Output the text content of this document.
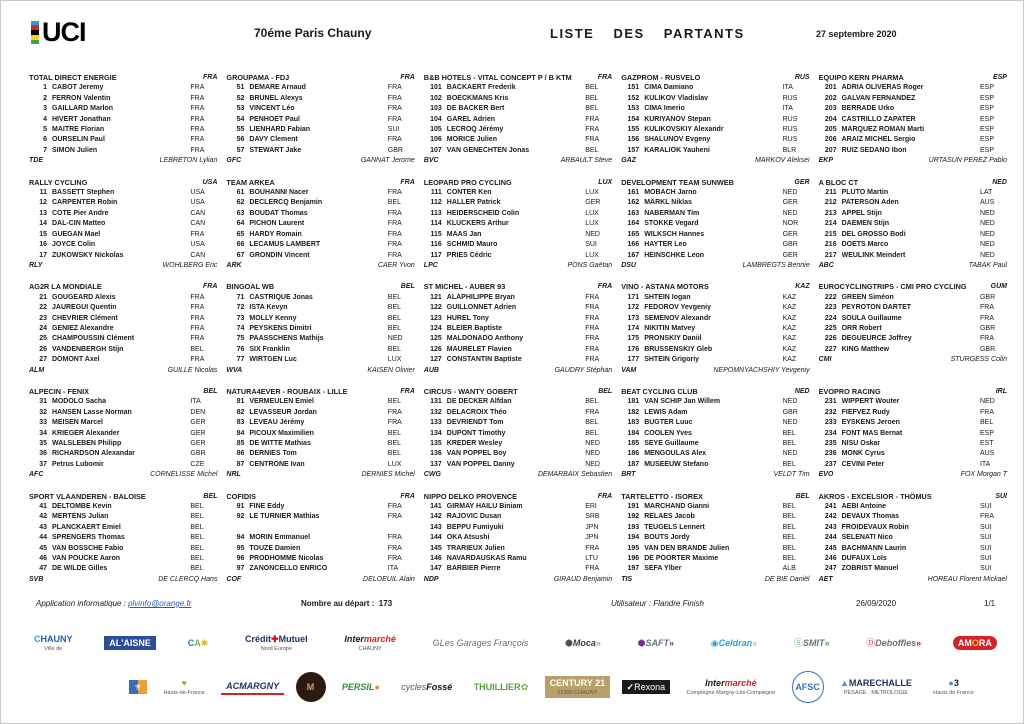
UCI	70éme Paris Chauny	LISTE DES PARTANTS	27 septembre 2020
TOTAL DIRECT ENERGIE	FRA
1 CABOT Jeremy	FRA
2 FERRON Valentin	FRA
3 GAILLARD Marlon	FRA
4 HIVERT Jonathan	FRA
5 MAITRE Florian	FRA
6 OURSELIN Paul	FRA
7 SIMON Julien	FRA
TDE	LEBRETON Lylian
GROUPAMA - FDJ	FRA
51 DEMARE Arnaud	FRA
52 BRUNEL Alexys	FRA
53 VINCENT Léo	FRA
54 PENHOET Paul	FRA
55 LIENHARD Fabian	SUI
56 DAVY Clement	FRA
57 STEWART Jake	GBR
GFC	GANNAT Jerome
B&B HOTELS - VITAL CONCEPT P / B KTM	FRA
101 BACKAERT Frederik	BEL
102 BOECKMANS Kris	BEL
103 DE BACKER Bert	BEL
104 GAREL Adrien	FRA
105 LECROQ Jérémy	FRA
106 MORICE Julien	FRA
107 VAN GENECHTEN Jonas	BEL
BVC	ARBAULT Steve
GAZPROM - RUSVELO	RUS
151 CIMA Damiano	ITA
152 KULIKOV Vladislav	RUS
153 CIMA Imerio	ITA
154 KURIYANOV Stepan	RUS
155 KULIKOVSKIY Alexandr	RUS
156 SHALUNOV Evgeny	RUS
157 KARALIOK Yauheni	BLR
GAZ	MARKOV Aleksei
EQUIPO KERN PHARMA	ESP
201 ADRIA OLIVERAS Roger	ESP
202 GALVAN FERNANDEZ	ESP
203 BERRADE Urko	ESP
204 CASTRILLO ZAPATER	ESP
205 MARQUEZ ROMAN Marti	ESP
206 ARAIZ MICHEL Sergio	ESP
207 RUIZ SEDANO Ibon	ESP
EKP	URTASUN PEREZ Pablo
RALLY CYCLING	USA
11 BASSETT Stephen	USA
12 CARPENTER Robin	USA
13 COTE Pier Andre	CAN
14 DAL-CIN Matteo	CAN
15 GUEGAN Mael	FRA
16 JOYCE Colin	USA
17 ZUKOWSKY Nickolas	CAN
RLY	WOHLBERG Eric
TEAM ARKEA	FRA
61 BOUHANNI Nacer	FRA
62 DECLERCQ Benjamin	BEL
63 BOUDAT Thomas	FRA
64 PICHON Laurent	FRA
65 HARDY Romain	FRA
66 LECAMUS LAMBERT	FRA
67 GRONDIN Vincent	FRA
ARK	CAER Yvon
LEOPARD PRO CYCLING	LUX
111 CONTER Ken	LUX
112 HALLER Patrick	GER
113 HEIDERSCHEID Colin	LUX
114 KLUCKERS Arthur	LUX
115 MAAS Jan	NED
116 SCHMID Mauro	SUI
117 PRIES Cédric	LUX
LPC	PONS Gaëtan
DEVELOPMENT TEAM SUNWEB	GER
161 MOBACH Jarno	NED
162 MÄRKL Niklas	GER
163 NABERMAN Tim	NED
164 STOKKE Vegard	NOR
165 WILKSCH Hannes	GER
166 HAYTER Leo	GBR
167 HEINSCHKE Leon	GER
DSU	LAMBREGTS Bennie
A BLOC CT	NED
211 PLUTO Martin	LAT
212 PATERSON Aden	AUS
213 APPEL Stijn	NED
214 DAEMEN Stijn	NED
215 DEL GROSSO Bodi	NED
216 DOETS Marco	NED
217 WEULINK Meindert	NED
ABC	TABAK Paul
AG2R LA MONDIALE	FRA
21 GOUGEARD Alexis	FRA
22 JAUREGUI Quentin	FRA
23 CHEVRIER Clément	FRA
24 GENIEZ Alexandre	FRA
25 CHAMPOUSSIN Clément	FRA
26 VANDENBERGH Stijn	BEL
27 DOMONT Axel	FRA
ALM	GUILLE Nicolas
BINGOAL WB	BEL
71 CASTRIQUE Jonas	BEL
72 ISTA Kevyn	BEL
73 MOLLY Kenny	BEL
74 PEYSKENS Dimitri	BEL
75 PAASSCHENS Mathijs	NED
76 SIX Franklin	BEL
77 WIRTGEN Luc	LUX
WVA	KAISEN Olivier
ST MICHEL - AUBER 93	FRA
121 ALAPHILIPPE Bryan	FRA
122 GUILLONNET Adrien	FRA
123 HUREL Tony	FRA
124 BLEIER Baptiste	FRA
125 MALDONADO Anthony	FRA
126 MAURELET Flavien	FRA
127 CONSTANTIN Baptiste	FRA
AUB	GAUDRY Stéphan
VINO - ASTANA MOTORS	KAZ
171 SHTEIN Iogan	KAZ
172 FEDOROV Yevgeniy	KAZ
173 SEMENOV Alexandr	KAZ
174 NIKITIN Matvey	KAZ
175 PRONSKIY Daniil	KAZ
176 BRUSSENSKIY Gleb	KAZ
177 SHTEIN Grigoriy	KAZ
VAM	NEPOMNYACHSHIY Yevgeniy
EUROCYCLINGTRIPS - CMI PRO CYCLING	GUM
222 GREEN Siméon	GBR
223 PEYROTON DARTET	FRA
224 SOULA Guillaume	FRA
225 ORR Robert	GBR
226 DEGUEURCE Joffrey	FRA
227 KING Matthew	GBR
CMI	STURGESS Colin
ALPECIN - FENIX	BEL
31 MODOLO Sacha	ITA
32 HANSEN Lasse Norman	DEN
33 MEISEN Marcel	GER
34 KRIEGER Alexander	GER
35 WALSLEBEN Philipp	GER
36 RICHARDSON Alexandar	GBR
37 Petrus Lubomir	CZE
AFC	CORNELISSE Michel
NATURA4EVER - ROUBAIX - LILLE	FRA
81 VERMEULEN Emiel	BEL
82 LEVASSEUR Jordan	FRA
83 LEVEAU Jérémy	FRA
84 PICOUX Maximilien	BEL
85 DE WITTE Mathias	BEL
86 DERNIES Tom	BEL
87 CENTRONE Ivan	LUX
NRL	DERNIES Michel
CIRCUS - WANTY GOBERT	BEL
131 DE DECKER Alfdan	BEL
132 DELACROIX Théo	FRA
133 DEVRIENDT Tom	BEL
134 DUPONT Timothy	BEL
135 KREDER Wesley	NED
136 VAN POPPEL Boy	NED
137 VAN POPPEL Danny	NED
CWG	DEMARBAIX Sebastien
BEAT CYCLING CLUB	NED
181 VAN SCHIP Jan Willem	NED
182 LEWIS Adam	GBR
183 BUGTER Luuc	NED
184 COOLEN Yves	BEL
185 SEYE Guillaume	BEL
186 MENGOULAS Alex	NED
187 MUSEEUW Stefano	BEL
BRT	VELDT Tim
EVOPRO RACING	IRL
231 WIPPERT Wouter	NED
232 FIEFVEZ Rudy	FRA
233 EYSKENS Jeroen	BEL
234 FONT MAS Bernat	ESP
235 NISU Oskar	EST
236 MONK Cyrus	AUS
237 CEVINI Peter	ITA
EVO	FOX Morgan T
SPORT VLAANDEREN - BALOISE	BEL
41 DELTOMBE Kevin	BEL
42 MERTENS Julian	BEL
43 PLANCKAERT Emiel	BEL
44 SPRENGERS Thomas	BEL
45 VAN BOSSCHE Fabio	BEL
46 VAN POUCKE Aaron	BEL
47 DE WILDE Gilles	BEL
SVB	DE CLERCQ Hans
COFIDIS	FRA
91 FINE Eddy	FRA
92 LE TURNIER Mathias	FRA
94 MORIN Emmanuel	FRA
95 TOUZE Damien	FRA
96 PRODHOMME Nicolas	FRA
97 ZANONCELLO ENRICO	ITA
COF	DELOEUIL Alain
NIPPO DELKO PROVENCE	FRA
141 GIRMAY HAILU Biniam	ERI
142 RAJOVIC Dusan	SRB
143 BEPPU Fumiyuki	JPN
144 OKA Atsushi	JPN
145 TRARIEUX Julien	FRA
146 NAVARDAUSKAS Ramu	LTU
147 BARBIER Pierre	FRA
NDP	GIRAUD Benjamin
TARTELETTO - ISOREX	BEL
191 MARCHAND Gianni	BEL
192 RELAES Jacob	BEL
193 TEUGELS Lennert	BEL
194 BOUTS Jordy	BEL
195 VAN DEN BRANDE Julien	BEL
196 DE POORTER Maxime	BEL
197 SEFA Ylber	ALB
TIS	DE BIE Daniël
AKROS - EXCELSIOR - THÖMUS	SUI
241 AEBI Antoine	SUI
242 DEVAUX Thomas	FRA
243 FROIDEVAUX Robin	SUI
244 SELENATI Nico	SUI
245 BACHMANN Laurin	SUI
246 DUFAUX Loïs	SUI
247 ZOBRIST Manuel	SUI
AET	HOREAU Florent Mickael
Application informatique : plvinfo@orange.fr	Nombre au départ : 173	Utilisateur : Flandre Finish	26/09/2020	1/1
C HAUNY
Ville de
A L'AISNE	C A ✱	Crédit ✚ Mutuel
Nord Europe
Inter marché
CHAUNY
G Les Garages François	⬢ Moca »	⬢ SAFT »	◉ Celdran »	Ⓢ SMIT »	Ⓓ Deboffles »	AM O RA
⚜	♥
Hauts-de-France
AC MARGNY	M	PERSIL ● cycles Fossé THUILLIER ✿ CENTURY 21
02300 CHAUNY
✓ Rexona	Inter marché
Compiègne Margny-Lès-Compiègne
AFSC ▲ MARECHALLE
PESAGE · METROLOGIE
● 3
Hauts de France
